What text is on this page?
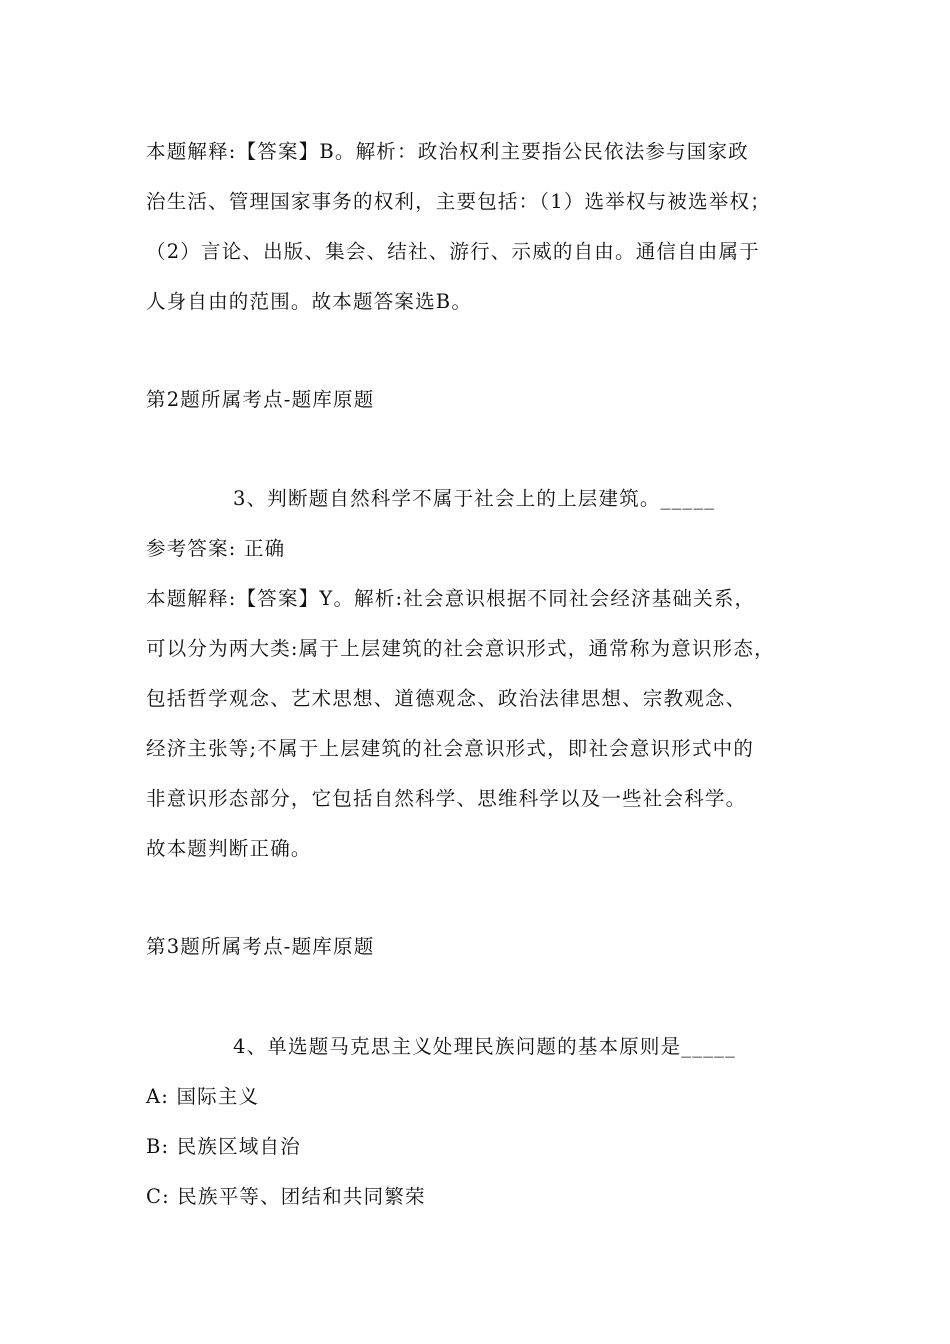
本题解释:【答案】B。解析：政治权利主要指公民依法参与国家政
治生活、管理国家事务的权利，主要包括：（1）选举权与被选举权；
（2）言论、出版、集会、结社、游行、示威的自由。通信自由属于
人身自由的范围。故本题答案选B。
第2题所属考点-题库原题
3、判断题自然科学不属于社会上的上层建筑。_____
参考答案: 正确
本题解释:【答案】Y。解析:社会意识根据不同社会经济基础关系，
可以分为两大类:属于上层建筑的社会意识形式，通常称为意识形态，
包括哲学观念、艺术思想、道德观念、政治法律思想、宗教观念、
经济主张等;不属于上层建筑的社会意识形式，即社会意识形式中的
非意识形态部分，它包括自然科学、思维科学以及一些社会科学。
故本题判断正确。
第3题所属考点-题库原题
4、单选题马克思主义处理民族问题的基本原则是_____
A: 国际主义
B: 民族区域自治
C: 民族平等、团结和共同繁荣
